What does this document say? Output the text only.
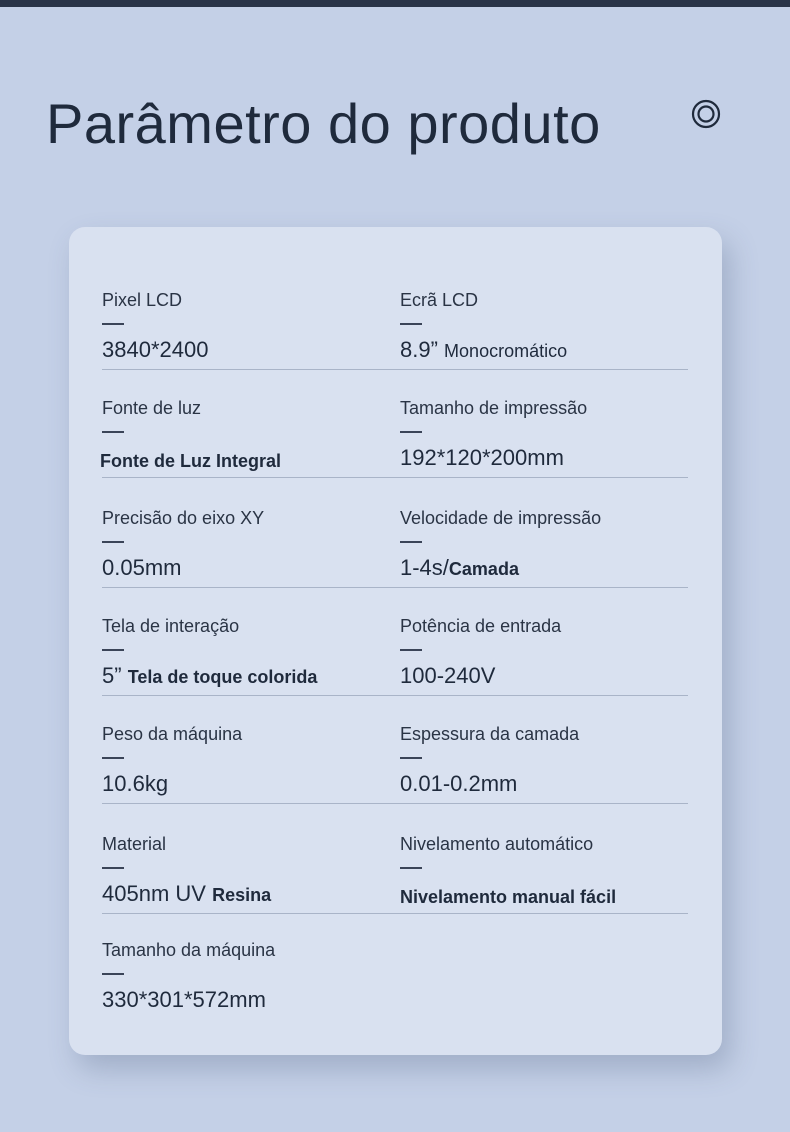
Parâmetro do produto
Pixel LCD
3840*2400
Ecrã LCD
8.9” Monocromático
Fonte de luz
Fonte de Luz Integral
Tamanho de impressão
192*120*200mm
Precisão do eixo XY
0.05mm
Velocidade de impressão
1-4s/Camada
Tela de interação
5” Tela de toque colorida
Potência de entrada
100-240V
Peso da máquina
10.6kg
Espessura da camada
0.01-0.2mm
Material
405nm UV Resina
Nivelamento automático
Nivelamento manual fácil
Tamanho da máquina
330*301*572mm
